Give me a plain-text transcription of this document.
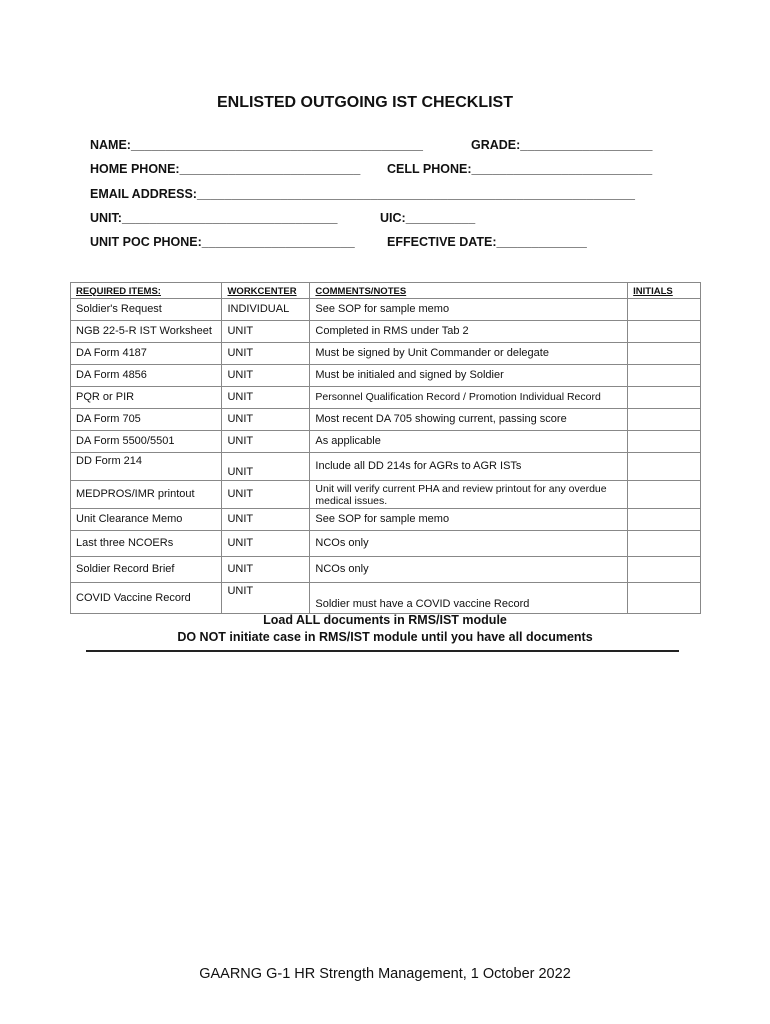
ENLISTED OUTGOING IST CHECKLIST
NAME:__________________________________________	GRADE:___________________
HOME PHONE:__________________________ CELL PHONE:__________________________
EMAIL ADDRESS:_______________________________________________________________
UNIT:_______________________________	UIC:__________
UNIT POC PHONE:______________________	EFFECTIVE DATE:_____________
REQUIRED ITEMS:	WORKCENTER	COMMENTS/NOTES	INITIALS
Soldier's Request	INDIVIDUAL	See SOP for sample memo	
NGB 22-5-R IST Worksheet	UNIT	Completed in RMS under Tab 2	
DA Form 4187	UNIT	Must be signed by Unit Commander or delegate	
DA Form 4856	UNIT	Must be initialed and signed by Soldier	
PQR or PIR	UNIT	Personnel Qualification Record / Promotion Individual Record	
DA Form 705	UNIT	Most recent DA 705 showing current, passing score	
DA Form 5500/5501	UNIT	As applicable	
DD Form 214	UNIT	Include all DD 214s for AGRs to AGR ISTs	
MEDPROS/IMR printout	UNIT	Unit will verify current PHA and review printout for any overdue medical issues.	
Unit Clearance Memo	UNIT	See SOP for sample memo	
Last three NCOERs	UNIT	NCOs only	
Soldier Record Brief	UNIT	NCOs only	
COVID Vaccine Record	UNIT	Soldier must have a COVID vaccine Record	
Load ALL documents in RMS/IST module
DO NOT initiate case in RMS/IST module until you have all documents
GAARNG G-1 HR Strength Management, 1 October 2022
